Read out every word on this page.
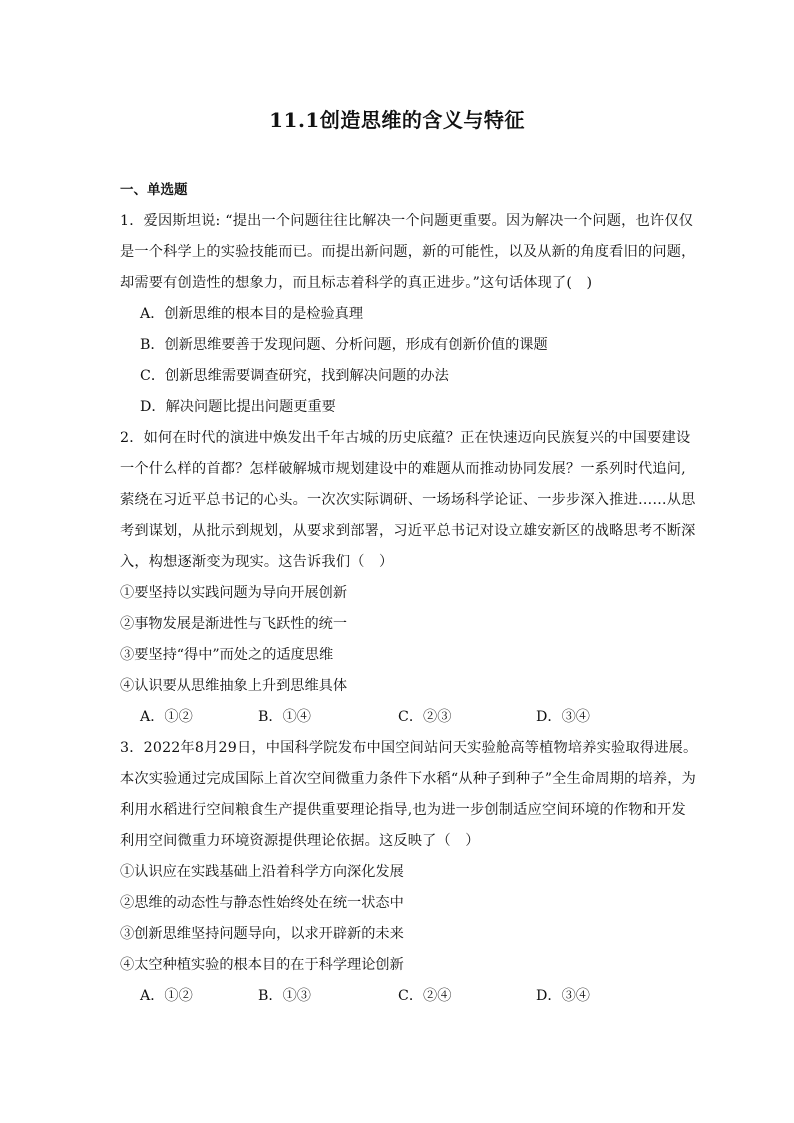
11.1创造思维的含义与特征
一、单选题
1．爱因斯坦说: “提出一个问题往往比解决一个问题更重要。因为解决一个问题，也许仅仅
是一个科学上的实验技能而已。而提出新问题，新的可能性，以及从新的角度看旧的问题，
却需要有创造性的想象力，而且标志着科学的真正进步。”这句话体现了(　)
A．创新思维的根本目的是检验真理
B．创新思维要善于发现问题、分析问题，形成有创新价值的课题
C．创新思维需要调查研究，找到解决问题的办法
D．解决问题比提出问题更重要
2．如何在时代的演进中焕发出千年古城的历史底蕴？正在快速迈向民族复兴的中国要建设
一个什么样的首都？怎样破解城市规划建设中的难题从而推动协同发展？一系列时代追问,
萦绕在习近平总书记的心头。一次次实际调研、一场场科学论证、一步步深入推进……从思
考到谋划，从批示到规划，从要求到部署，习近平总书记对设立雄安新区的战略思考不断深
入，构想逐渐变为现实。这告诉我们（　）
①要坚持以实践问题为导向开展创新
②事物发展是渐进性与飞跃性的统一
③要坚持“得中”而处之的适度思维
④认识要从思维抽象上升到思维具体
A．①②	B．①④	C．②③	D．③④
3．2022年8月29日，中国科学院发布中国空间站问天实验舱高等植物培养实验取得进展。
本次实验通过完成国际上首次空间微重力条件下水稻“从种子到种子”全生命周期的培养，为
利用水稻进行空间粮食生产提供重要理论指导,也为进一步创制适应空间环境的作物和开发
利用空间微重力环境资源提供理论依据。这反映了（　）
①认识应在实践基础上沿着科学方向深化发展
②思维的动态性与静态性始终处在统一状态中
③创新思维坚持问题导向，以求开辟新的未来
④太空种植实验的根本目的在于科学理论创新
A．①②	B．①③	C．②④	D．③④
